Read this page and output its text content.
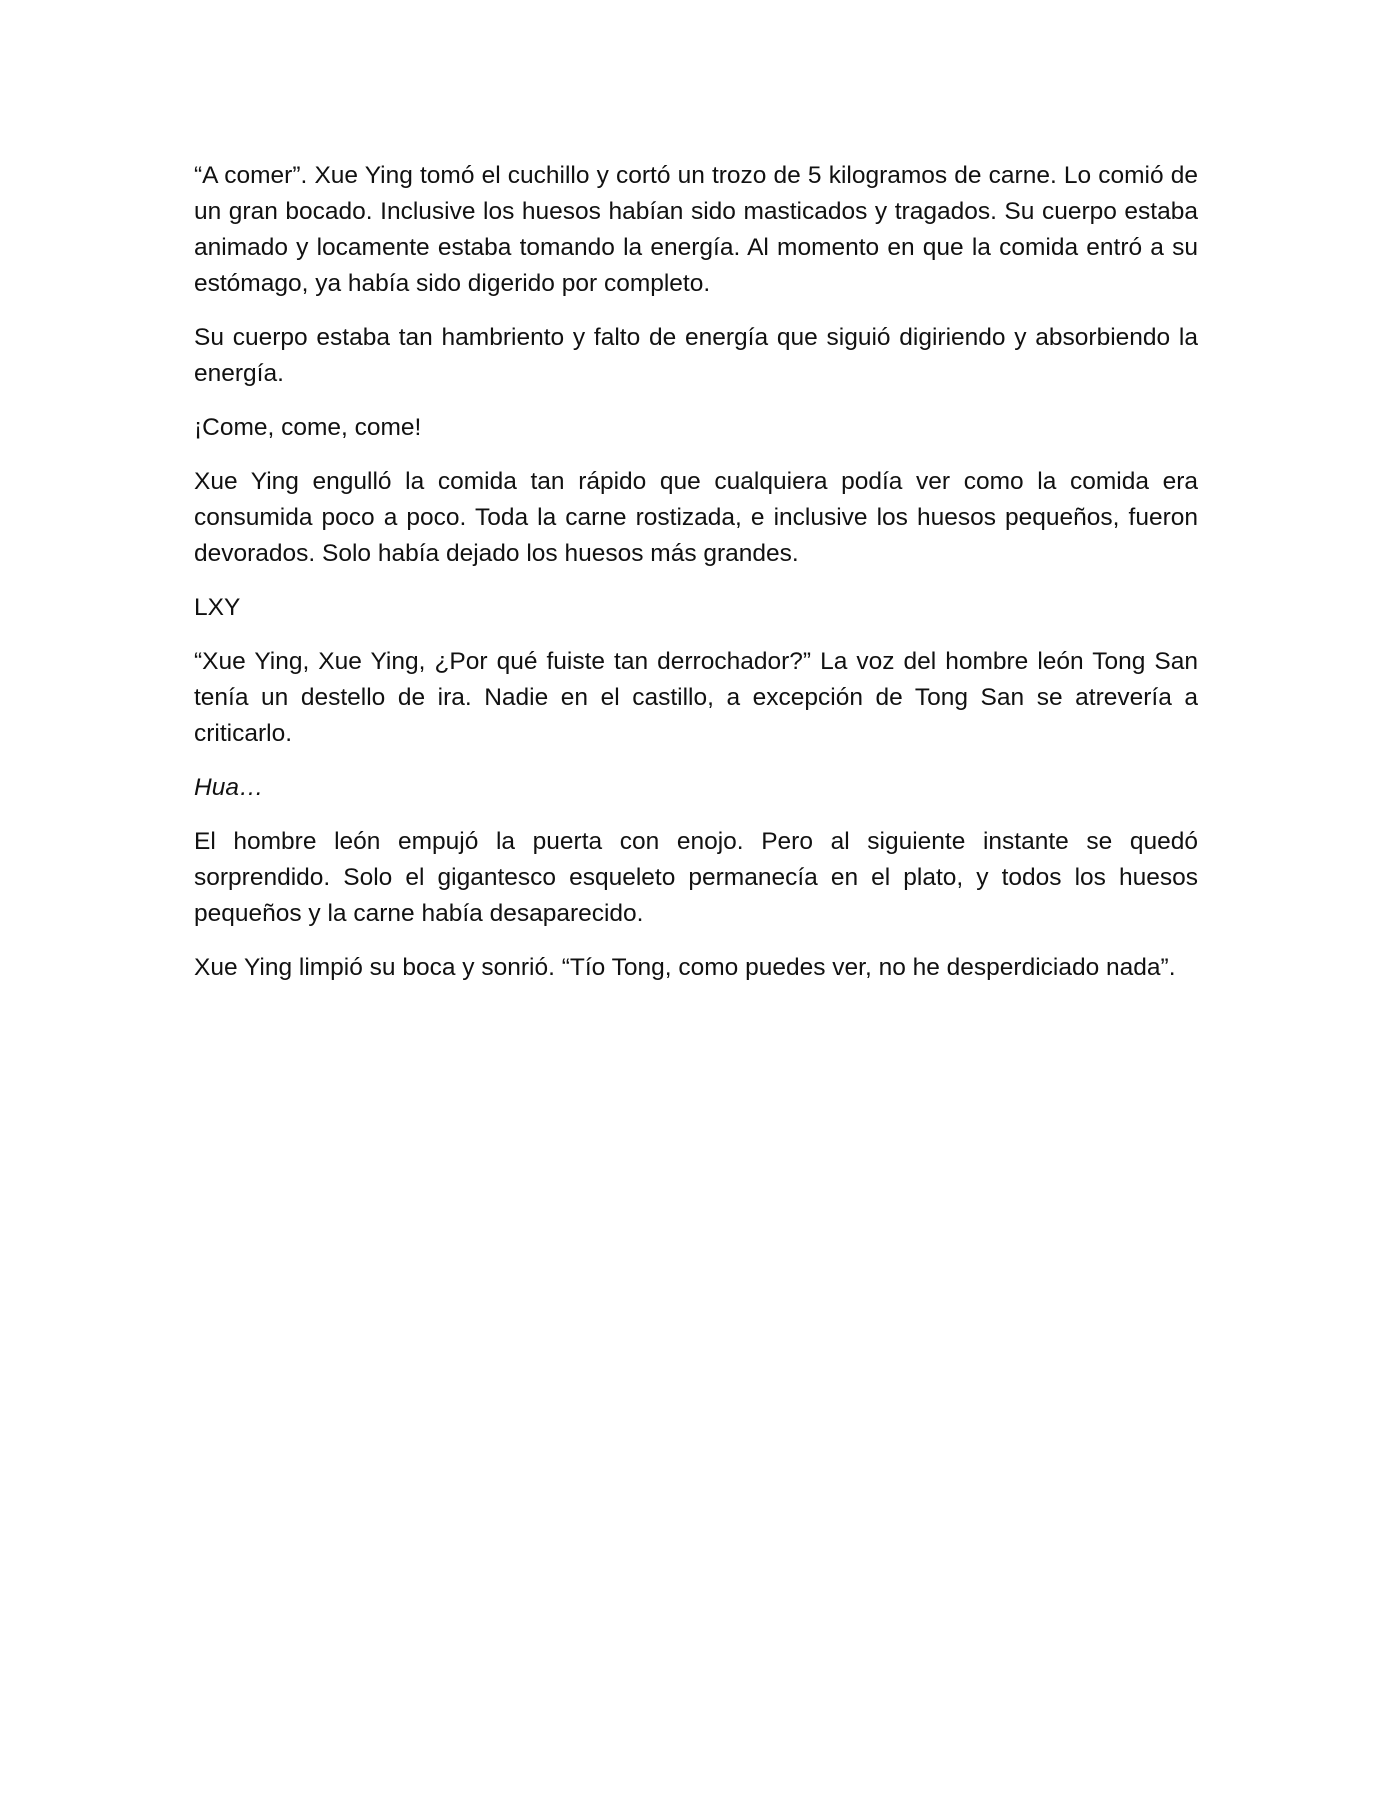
“A comer”. Xue Ying tomó el cuchillo y cortó un trozo de 5 kilogramos de carne. Lo comió de un gran bocado. Inclusive los huesos habían sido masticados y tragados. Su cuerpo estaba animado y locamente estaba tomando la energía. Al momento en que la comida entró a su estómago, ya había sido digerido por completo.

Su cuerpo estaba tan hambriento y falto de energía que siguió digiriendo y absorbiendo la energía.

¡Come, come, come!

Xue Ying engulló la comida tan rápido que cualquiera podía ver como la comida era consumida poco a poco. Toda la carne rostizada, e inclusive los huesos pequeños, fueron devorados. Solo había dejado los huesos más grandes.

LXY

“Xue Ying, Xue Ying, ¿Por qué fuiste tan derrochador?” La voz del hombre león Tong San tenía un destello de ira. Nadie en el castillo, a excepción de Tong San se atrevería a criticarlo.

Hua…

El hombre león empujó la puerta con enojo. Pero al siguiente instante se quedó sorprendido. Solo el gigantesco esqueleto permanecía en el plato, y todos los huesos pequeños y la carne había desaparecido.

Xue Ying limpió su boca y sonrió. “Tío Tong, como puedes ver, no he desperdiciado nada”.
